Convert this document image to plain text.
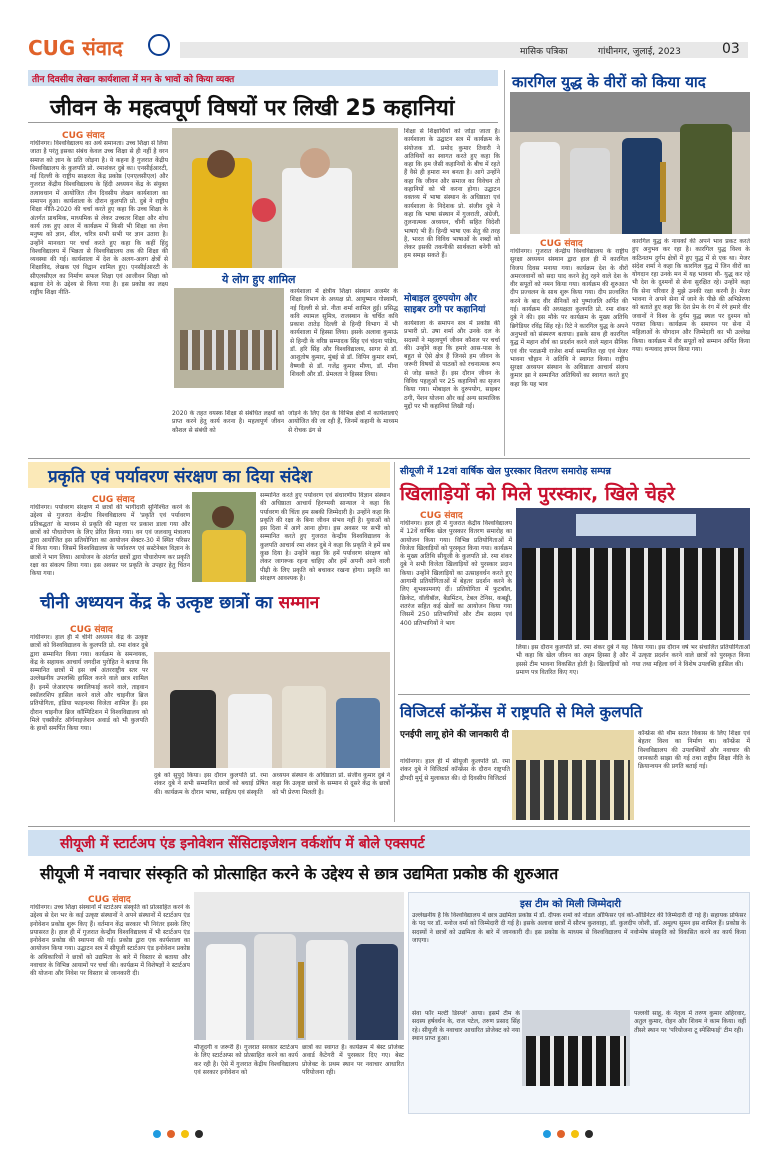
CUG संवाद	मासिक पत्रिका	गांधीनगर, जुलाई, 2023	03
तीन दिवसीय लेखन कार्यशाला में मन के भावों को किया व्यक्त
जीवन के महत्वपूर्ण विषयों पर लिखी 25 कहानियां
CUG संवाद
गांधीनगर। विश्वविद्यालय का अर्थ समानता। उच्च शिक्षा से लिया जाता है परंतु इसका संबंध केवल उच्च शिक्षा से ही नहीं है वरन समाज को ज्ञान के प्रति जोड़ना है। ये कहना है गुजरात केंद्रीय विश्वविद्यालय के कुलपति प्रो. रमाशंकर दुबे का। एनसीईआरटी, नई दिल्ली के राष्ट्रीय साक्षरता केंद्र प्रकोष्ठ (एनएलसीएल) और गुजरात केंद्रीय विश्वविद्यालय के हिंदी अध्ययन केंद्र के संयुक्त तत्वावधान में आयोजित तीन दिवसीय लेखन कार्यशाला का समापन हुआ। कार्यशाला के दौरान कुलपति प्रो. दुबे ने राष्ट्रीय शिक्षा नीति-2020 की चर्चा करते हुए कहा कि उच्च शिक्षा के अंतर्गत प्राथमिक, माध्यमिक से लेकर उच्चतर शिक्षा और शोध कार्य तक हुए आज में कार्यक्रम में किसी भी शिक्षा का लेना मनुष्य को ज्ञान, शील, चरित्र सभी सभी पर ज्ञान उतारा है। उन्होंने मानवता पर चर्चा करते हुए कहा कि कहीं हिंदु विश्वविद्यालय में भिन्नता से विश्वविद्यालय तक की शिक्षा की व्यवस्था की गई। कार्यशाला में देश के अलग-अलग क्षेत्रों से शिक्षाविद, लेखक एवं विद्वान शामिल हुए। एनसीईआरटी के सीएलसीएल का निर्माण सफल शिक्षा एवं आजीवन शिक्षा को बढ़ावा देने के उद्देश्य से किया गया है। इस प्रकोष्ठ का लक्ष्य राष्ट्रीय शिक्षा नीति-
ये लोग हुए शामिल
कार्यशाला में क्षेत्रीय शिक्षा संस्थान अजमेर के शिक्षा विभाग के अध्यक्ष प्रो. आयुष्मान गोस्वामी, नई दिल्ली से प्रो. नीता शर्मा शामिल हुईं। प्रसिद्ध कवि श्यामल सुमित्र, राजस्थान के चर्चित कवि प्रकाश तातेड़ दिल्ली से हिन्दी विभाग में भी कार्यशाला में हिस्सा लिया। इसके अलावा कुमाऊं से हिन्दी के वरिष्ठ सम्पादक सिंह एवं चंदना पांडेय, डॉ. हरि सिंह और विश्वविद्यालय, सागर से डॉ. आशुतोष कुमार, मुंबई से डॉ. विपिन कुमार शर्मा, वैष्णवी से डॉ. गजेंद्र कुमार मीणा, डॉ. मीना शिवली और डॉ. प्रेमलता ने हिस्सा लिया।
2020 के तहत वयस्क शिक्षा से संबंधित लक्ष्यों को प्राप्त करने हेतु कार्य करना है। महत्वपूर्ण जीवन कौशल से संबंधी को
जोड़ने के लिए देश के विभिन्न क्षेत्रों में कार्यशालाएं आयोजित की जा रही हैं, जिनमें कहानी के माध्यम से रोचक ढंग से
शिक्षा से शिक्षार्थियों को जोड़ा जाता है। कार्यशाला के उद्घाटन सत्र में कार्यक्रम के संयोजक डॉ. प्रमोद कुमार तिवारी ने अतिथियों का स्वागत करते हुए कहा कि कहा कि हम जैसी कहानियों के बीच में रहते हैं वैसे ही हमारा मन बनता है। आगे उन्होंने कहा कि जीवन और समाज का विवेचन तो कहानियों को भी करना होगा। उद्घाटन वक्तव्य में भाषा संस्थान के अधिष्ठाता एवं कार्यशाला के निदेशक प्रो. संजीव दुबे ने कहा कि भाषा संस्थान में गुजराती, अंग्रेजी, तुलनात्मक अध्ययन, चीनी सहित विदेशी भाषाएं भी हैं। हिन्दी भाषा एक सेतु की तरह है, भारत की विविध भाषाओं के शब्दों को लेकर इसकी तकनीकी सार्थकता बनेगी को हम समझ सकते हैं।
मोबाइल दुरुपयोग और साइबर ठगी पर कहानियां
कार्यशाला के समापन सत्र में प्रकोष्ठ की प्रभारी प्रो. उषा शर्मा और उनके दल के सदस्यों ने महत्वपूर्ण जीवन कौशल पर चर्चा की। उन्होंने कहा कि हमारे आस-पास के बहुत से ऐसे क्षेत्र हैं जिनसे हम जीवन के जरूरी विषयों से पाठकों को रचनात्मक रूप से जोड़ सकते हैं। इस दौरान जीवन के विविध पहलुओं पर 25 कहानियों का सृजन किया गया। मोबाइल के दुरुपयोग, साइबर ठगी, पेंशन योजना और कई अन्य सामाजिक मुद्दों पर भी कहानियां लिखी गईं।
कारगिल युद्ध के वीरों को किया याद
CUG संवाद
गांधीनगर। गुजरात केन्द्रीय विश्वविद्यालय के राष्ट्रीय सुरक्षा अध्ययन संस्थान द्वारा हाल ही में कारगिल विजय दिवस मनाया गया। कार्यक्रम देश के वीरों अमरजवानों को सदा याद करने हेतु रहने वाले देश के वीर सपूतों को नमन किया गया। कार्यक्रम की शुरुआत दीप प्रज्वलन के साथ शुरू किया गया। दीप प्रज्वलित करने के बाद वीर सैनिकों को पुष्पांजलि अर्पित की गई। कार्यक्रम की अध्यक्षता कुलपति प्रो. रमा शंकर दुबे ने की। इस मौके पर कार्यक्रम के मुख्य अतिथि ब्रिगेडियर रविंद्र सिंह रहे। रिटे ने कारगिल युद्ध के अपने अनुभवों को संस्मरण बताया। इसके साथ ही कारगिल युद्ध में महान शौर्य का प्रदर्शन करने वाले महान सैनिक एवं वीर पराक्रमी राजेश शर्मा सम्मानित रहा एवं मेजर भावना चौहान ने अतिथि ने स्वागत किया। राष्ट्रीय सुरक्षा अध्ययन संस्थान के अधिष्ठाता आचार्य संजय कुमार झा ने सम्मानित अतिथियों का स्वागत करते हुए कहा कि यह भाव
कारगिल युद्ध के नायकों की अपने भाव प्रकट करते हुए अनुभव कर रहा है। कारगिल युद्ध विश्व के कठिनतम दुर्गम क्षेत्रों में हुए युद्ध में से एक था। मेजर संदेश शर्मा ने कहा कि कारगिल युद्ध में जिन वीरों का योगदान रहा उनके मन में यह भावना थी- युद्ध कर रहे भी देश के दुश्मनों से सेना सुरक्षित रहे। उन्होंने कहा कि सेना परिवार है मुझे उनकी रक्षा करनी है। मेजर भावना ने अपने सेना में जाने के पीछे की अभिप्रेरणा को बताते हुए कहा कि देश प्रेम के रंग में रंगे हमारे वीर जवानों ने विश्व के दुर्गम युद्ध स्थल पर दुश्मन को परास्त किया। कार्यक्रम के समापन पर सेना में महिलाओं के योगदान और जिम्मेदारी का भी उल्लेख किया। कार्यक्रम में वीर सपूतों को सम्मान अर्पित किया गया। धन्यवाद ज्ञापन किया गया।
प्रकृति एवं पर्यावरण संरक्षण का दिया संदेश
CUG संवाद
गांधीनगर। पर्यावरण संरक्षण में छात्रों की भागीदारी सुनिश्चित करने के उद्देश्य से गुजरात केन्द्रीय विश्वविद्यालय में 'प्रकृति एवं पर्यावरण प्रतिबद्धता' के माध्यम से प्रकृति की महत्ता पर प्रकाश डाला गया और छात्रों को पौधारोपण के लिए प्रेरित किया गया। वन एवं जलवायु मंत्रालय द्वारा आयोजित इस प्रतियोगिता का आयोजन सेक्टर-30 में स्थित परिसर में किया गया। जिसमें विश्वविद्यालय के पर्यावरण एवं सस्टेनेबल विज्ञान के छात्रों ने भाग लिया। आयोजन के अंतर्गत छात्रों द्वारा पौधारोपण कर प्रकृति रक्षा का संकल्प लिया गया। इस अवसर पर प्रकृति के उपहार हेतु चिंतन किया गया।
सम्मानित करते हुए पर्यावरण एवं संधारणीय विज्ञान संस्थान की अधिष्ठाता आचार्य हिरण्मयी सान्याल ने कहा कि पर्यावरण की चिंता हम सबकी जिम्मेदारी है। उन्होंने कहा कि प्रकृति की रक्षा के बिना जीवन संभव नहीं है। युवाओं को इस दिशा में आगे आना होगा। इस अवसर पर सभी को सम्मानित करते हुए गुजरात केन्द्रीय विश्वविद्यालय के कुलपति आचार्य रमा शंकर दुबे ने कहा कि प्रकृति ने हमें सब कुछ दिया है। उन्होंने कहा कि हमें पर्यावरण संरक्षण को लेकर जागरूक रहना चाहिए और हमें अपनी आने वाली पीढ़ी के लिए प्रकृति को बचाकर रखना होगा। प्रकृति का संरक्षण आवश्यक है।
सीयूजी में 12वां वार्षिक खेल पुरस्कार वितरण समारोह सम्पन्न
खिलाड़ियों को मिले पुरस्कार, खिले चेहरे
CUG संवाद
गांधीनगर। हाल ही में गुजरात केंद्रीय विश्वविद्यालय में 12वें वार्षिक खेल पुरस्कार वितरण समारोह का आयोजन किया गया। विभिन्न प्रतियोगिताओं में विजेता खिलाड़ियों को पुरस्कृत किया गया। कार्यक्रम के मुख्य अतिथि सीयूजी के कुलपति प्रो. रमा शंकर दुबे ने सभी विजेता खिलाड़ियों को पुरस्कार प्रदान किया। उन्होंने खिलाड़ियों का उत्साहवर्धन करते हुए आगामी प्रतियोगिताओं में बेहतर प्रदर्शन करने के लिए शुभकामनाएं दीं। प्रतियोगिता में फुटबॉल, क्रिकेट, वॉलीबॉल, बैडमिंटन, टेबल टेनिस, कबड्डी, शतरंज सहित कई खेलों का आयोजन किया गया जिसमें 250 प्रतिभागियों और टीम सदस्य एवं 400 प्रतिभागियों ने भाग
चीनी अध्ययन केंद्र के उत्कृष्ट छात्रों का सम्मान
CUG संवाद
गांधीनगर। हाल ही में चीनी अध्ययन केंद्र के उत्कृष्ट छात्रों को विश्वविद्यालय के कुलपति प्रो. रमा शंकर दुबे द्वारा सम्मानित किया गया। कार्यक्रम के समन्वयक, केंद्र के सहायक आचार्य जगदीश पुरोहित ने बताया कि सम्मानित छात्रों में इस वर्ष अंतरराष्ट्रीय स्तर पर उल्लेखनीय उपलब्धि हासिल करने वाले छात्र शामिल हैं। इनमें जेआरएफ क्वालिफाई करने वाले, ताइवान स्कॉलरशिप हासिल करने वाले और चाइनीज ब्रिज प्रतियोगिता, इंडिया फाइनल्स विजेता शामिल हैं। इस दौरान चाइनीज ब्रिज कॉम्पिटिशन में विश्वविद्यालय को मिले एक्सीलेंट ऑर्गनाइजेशन अवार्ड को भी कुलपति के हाथों समर्पित किया गया।
दुबे को सुपुर्द किया। इस दौरान कुलपति प्रो. रमा शंकर दुबे ने सभी सम्मानित छात्रों को बधाई प्रेषित की। कार्यक्रम के दौरान भाषा, साहित्य एवं संस्कृति
अध्ययन संस्थान के अधिष्ठाता प्रो. संजीव कुमार दुबे ने कहा कि उत्कृष्ट छात्रों के सम्मान से दूसरे केंद्र के छात्रों को भी प्रेरणा मिलती है।
लिया। इस दौरान कुलपति प्रो. रमा शंकर दुबे ने यह भी कहा कि खेल जीवन का अहम हिस्सा है और इससे टीम भावना विकसित होती है। खिलाड़ियों को प्रमाण पत्र वितरित किए गए।
किया गया। इस दौरान वर्ष भर संचालित प्रतियोगिताओं में उत्कृष्ट प्रदर्शन करने वाले छात्रों को पुरस्कृत किया गया तथा महिला वर्ग ने विशेष उपलब्धि हासिल की।
विजिटर्स कॉन्फ्रेंस में राष्ट्रपति से मिले कुलपति
एनईपी लागू होने की जानकारी दी
गांधीनगर। हाल ही में सीयूजी कुलपति प्रो. रमा शंकर दुबे ने विजिटर्स कॉन्फ्रेंस के दौरान राष्ट्रपति द्रौपदी मुर्मू से मुलाकात की। दो दिवसीय विजिटर्स
कॉन्फ्रेंस की थीम सतत विकास के लिए शिक्षा एवं बेहतर विश्व का निर्माण था। कॉन्फ्रेंस में विश्वविद्यालय की उपलब्धियों और नवाचार की जानकारी साझा की गई तथा राष्ट्रीय शिक्षा नीति के क्रियान्वयन की प्रगति बताई गई।
सीयूजी में स्टार्टअप एंड इनोवेशन सेंसिटाइजेशन वर्कशॉप में बोले एक्सपर्ट
सीयूजी में नवाचार संस्कृति को प्रोत्साहित करने के उद्देश्य से छात्र उद्यमिता प्रकोष्ठ की शुरुआत
CUG संवाद
गांधीनगर। उच्च शिक्षा संस्थानों में स्टार्टअप संस्कृति को प्रोत्साहित करने के उद्देश्य से देश भर के कई उत्कृष्ट संस्थानों ने अपने संस्थानों में स्टार्टअप एंड इनोवेशन प्रकोष्ठ शुरू किए हैं। वर्तमान केंद्र सरकार भी निरंतर इसके लिए प्रयासरत है। हाल ही में गुजरात केन्द्रीय विश्वविद्यालय में भी स्टार्टअप एंड इनोवेशन प्रकोष्ठ की स्थापना की गई। प्रकोष्ठ द्वारा एक कार्यशाला का आयोजन किया गया। उद्घाटन सत्र में सीयूजी स्टार्टअप एंड इनोवेशन प्रकोष्ठ के अधिकारियों ने छात्रों को उद्यमिता के बारे में विस्तार से बताया और नवाचार के विभिन्न आयामों पर चर्चा की। कार्यक्रम में विशेषज्ञों ने स्टार्टअप की योजना और निवेश पर विस्तार से जानकारी दी।
मौजूदगी व जरूरी है। गुजरात सरकार स्टार्टअप के लिए स्टार्टअप्स को प्रोत्साहित करने का कार्य कर रही है। ऐसे में गुजरात केंद्रीय विश्वविद्यालय एवं सरकार इनोवेशन को
छात्रों का स्वागत है। कार्यक्रम में बेस्ट प्रोजेक्ट अवार्ड कैटेगरी में पुरस्कार दिए गए। बेस्ट प्रोजेक्ट के प्रथम स्थान पर नवाचार आधारित परियोजना रही।
इस टीम को मिली जिम्मेदारी
उल्लेखनीय है कि विश्वविद्यालय में छात्र उद्यमिता प्रकोष्ठ में डॉ. दीपक शर्मा को नोडल ऑफिसर एवं को-ऑर्डिनेटर की जिम्मेदारी दी गई है। सहायक प्रोफेसर के पद पर डॉ. मनोज वर्मा को जिम्मेदारी दी गई है। इसके अलावा छात्रों में सौरभ कुशवाहा, डॉ. कुलदीप जोशी, डॉ. अमूल्य सुमन इस शामिल हैं। प्रकोष्ठ के सदस्यों ने छात्रों को उद्यमिता के बारे में जानकारी दी। इस प्रकोष्ठ के माध्यम से विश्वविद्यालय में नवोन्मेष संस्कृति को विकसित करने का कार्य किया जाएगा।
सेवा फॉर मल्टी डिस्प्ले' आया। इसमें टीम के सदस्य हर्षवर्धन के, राज पटेल, तरुण प्रसाद सिंह रहे। सीयूजी के नवाचार आधारित प्रोजेक्ट को नया स्थान प्राप्त हुआ।
पल्लवी साहू, के नेतृत्व में तरुण कुमार अहिरवार, अतुल कुमार, रोहन और शिवम ने काम किया। वहीं तीसरे स्थान पर 'परियोजना टू स्पेसिफाई' टीम रही।
